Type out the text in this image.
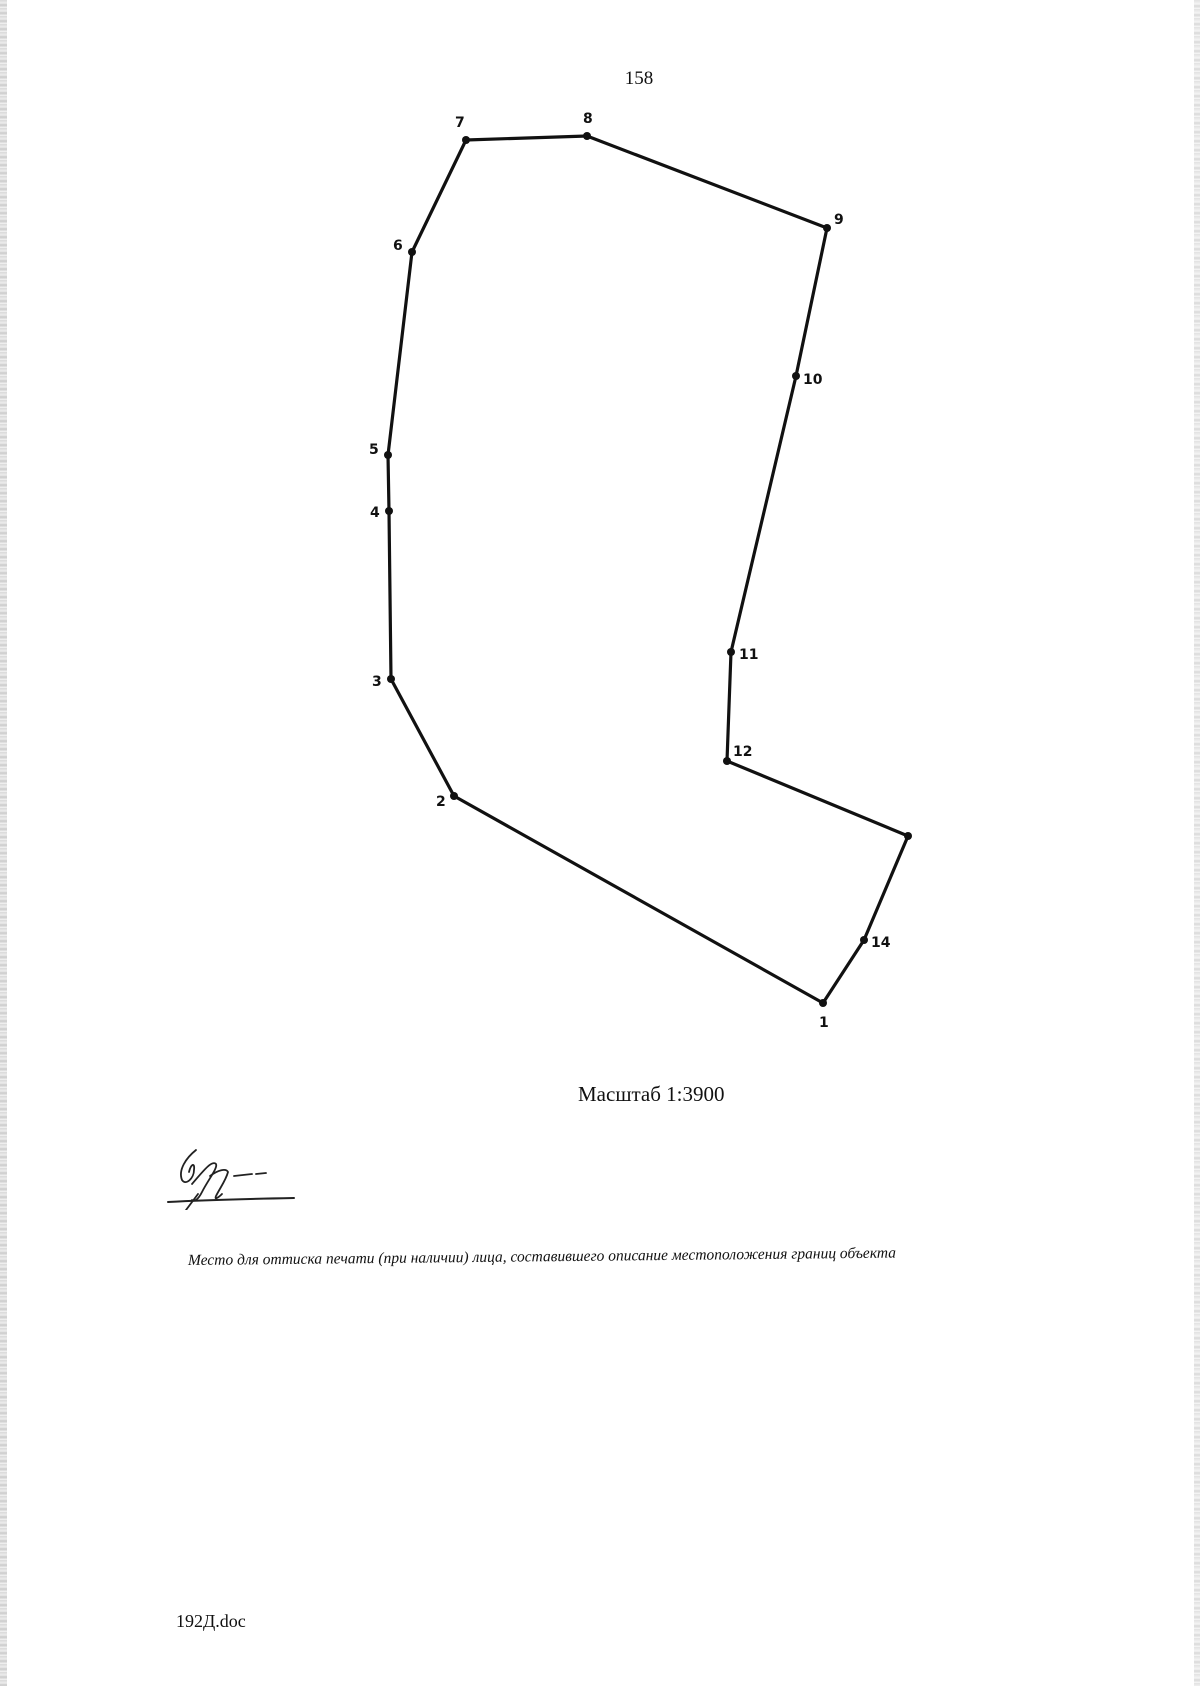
158
1
2
3
4
5
6
7	8
9
10
11
12
14
Масштаб 1:3900
Место для оттиска печати (при наличии) лица, составившего описание местоположения границ объекта
192Д.doc
